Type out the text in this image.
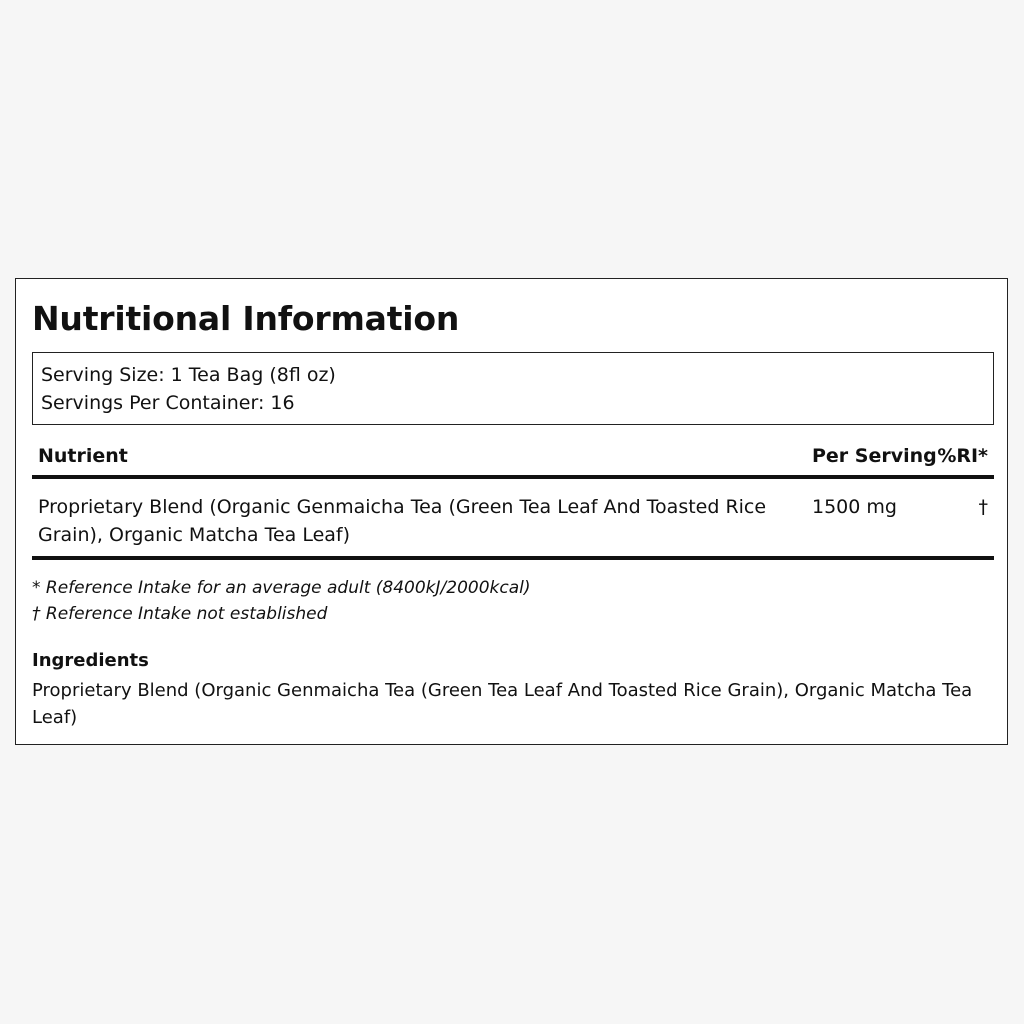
Nutritional Information
Serving Size: 1 Tea Bag (8fl oz)
Servings Per Container: 16
Nutrient	Per Serving %RI*
Proprietary Blend (Organic Genmaicha Tea (Green Tea Leaf And Toasted Rice Grain), Organic Matcha Tea Leaf)
1500 mg	†
* Reference Intake for an average adult (8400kJ/2000kcal)
† Reference Intake not established
Ingredients

Proprietary Blend (Organic Genmaicha Tea (Green Tea Leaf And Toasted Rice Grain), Organic Matcha Tea Leaf)
